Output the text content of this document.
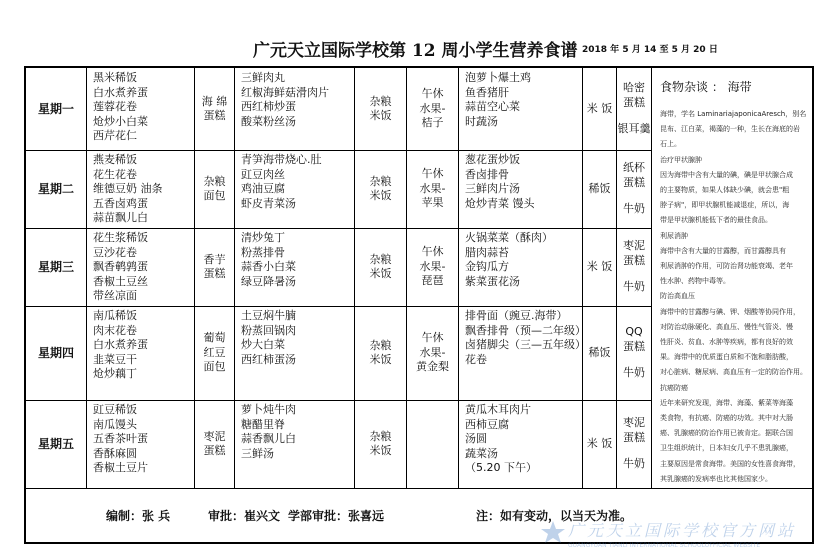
广元天立国际学校第 12 周小学生营养食谱 2018 年 5 月 14 至 5 月 20 日
星期一
黑米稀饭
白水煮养蛋
莲蓉花卷
炝炒小白菜
西芹花仁
海 绵
蛋糕
三鲜肉丸
红椒海鲜菇滑肉片
西红柿炒蛋
酸菜粉丝汤
杂粮
米饭
午休
水果-
桔子
泡萝卜爆土鸡
鱼香猪肝
蒜苗空心菜
时蔬汤
米 饭
哈密
蛋糕
银耳羹
星期二
燕麦稀饭
花生花卷
维德豆奶 油条
五香卤鸡蛋
蒜苗飘儿白
杂粮
面包
青笋海带烧心.肚
豇豆肉丝
鸡油豆腐
虾皮青菜汤
杂粮
米饭
午休
水果-
苹果
葱花蛋炒饭
香卤排骨
三鲜肉片汤
炝炒青菜 馒头
稀饭
纸杯
蛋糕
牛奶
星期三
花生浆稀饭
豆沙花卷
飘香鹌鹑蛋
香椒土豆丝
带丝凉面
香芋
蛋糕
清炒兔丁
粉蒸排骨
蒜香小白菜
绿豆降暑汤
杂粮
米饭
午休
水果-
琵琶
火锅菜菜（酥肉）
腊肉蒜苔
金钩瓜方
紫菜蛋花汤
米 饭
枣泥
蛋糕
牛奶
星期四
南瓜稀饭
肉末花卷
白水煮养蛋
韭菜豆干
炝炒藕丁
葡萄
红豆
面包
土豆焖牛腩
粉蒸回锅肉
炒大白菜
西红柿蛋汤
杂粮
米饭
午休
水果-
黄金梨
排骨面（豌豆.海带）
飘香排骨（预—二年级）
卤猪脚尖（三—五年级）
花卷
稀饭
QQ
蛋糕
牛奶
星期五
豇豆稀饭
南瓜馒头
五香茶叶蛋
香酥麻圆
香椒土豆片
枣泥
蛋糕
萝卜炖牛肉
糖醋里脊
蒜香飘儿白
三鲜汤
杂粮
米饭
黄瓜木耳肉片
西柿豆腐
汤圆
蔬菜汤
（5.20 下午）
米 饭
枣泥
蛋糕
牛奶
食物杂谈 ： 海带
海带，学名 LaminariajaponicaAresch，别名
昆布、江白菜，褐藻的一种，生长在海底的岩
石上。
治疗甲状腺肿
因为海带中含有大量的碘，碘是甲状腺合成
的主要物质，如果人体缺少碘，就会患"粗
脖子病"，即甲状腺机能减退症，所以，海
带是甲状腺机能低下者的最佳食品。
利尿消肿
海带中含有大量的甘露醇，而甘露醇具有
利尿消肿的作用，可防治肾功能衰竭、老年
性水肿、药物中毒等。
防治高血压
海带中的甘露醇与碘、钾、烟酸等协同作用，
对防治动脉硬化、高血压、慢性气管炎、慢
性肝炎、贫血、水肿等疾病，都有良好的效
果。海带中的优质蛋白质和不饱和脂肪酸，
对心脏病、糖尿病、高血压有一定的防治作用。
抗癌防癌
近年来研究发现，海带、海藻、紫菜等海藻
类食物，有抗癌、防癌的功效。其中对大肠
癌、乳腺癌的防治作用已被肯定。据联合国
卫生组织统计，日本妇女几乎不患乳腺癌，
主要原因是常食海带。美国的女性喜食海带，
其乳腺癌的发病率也比其他国家少。
编制：张 兵	审批：崔兴文 学部审批：张喜远	注：如有变动，以当天为准。
广元天立国际学校官方网站
GUANGYUAN TIANLI INTERNATIONAL SCHOOLOFFICIAL WEBSITE
